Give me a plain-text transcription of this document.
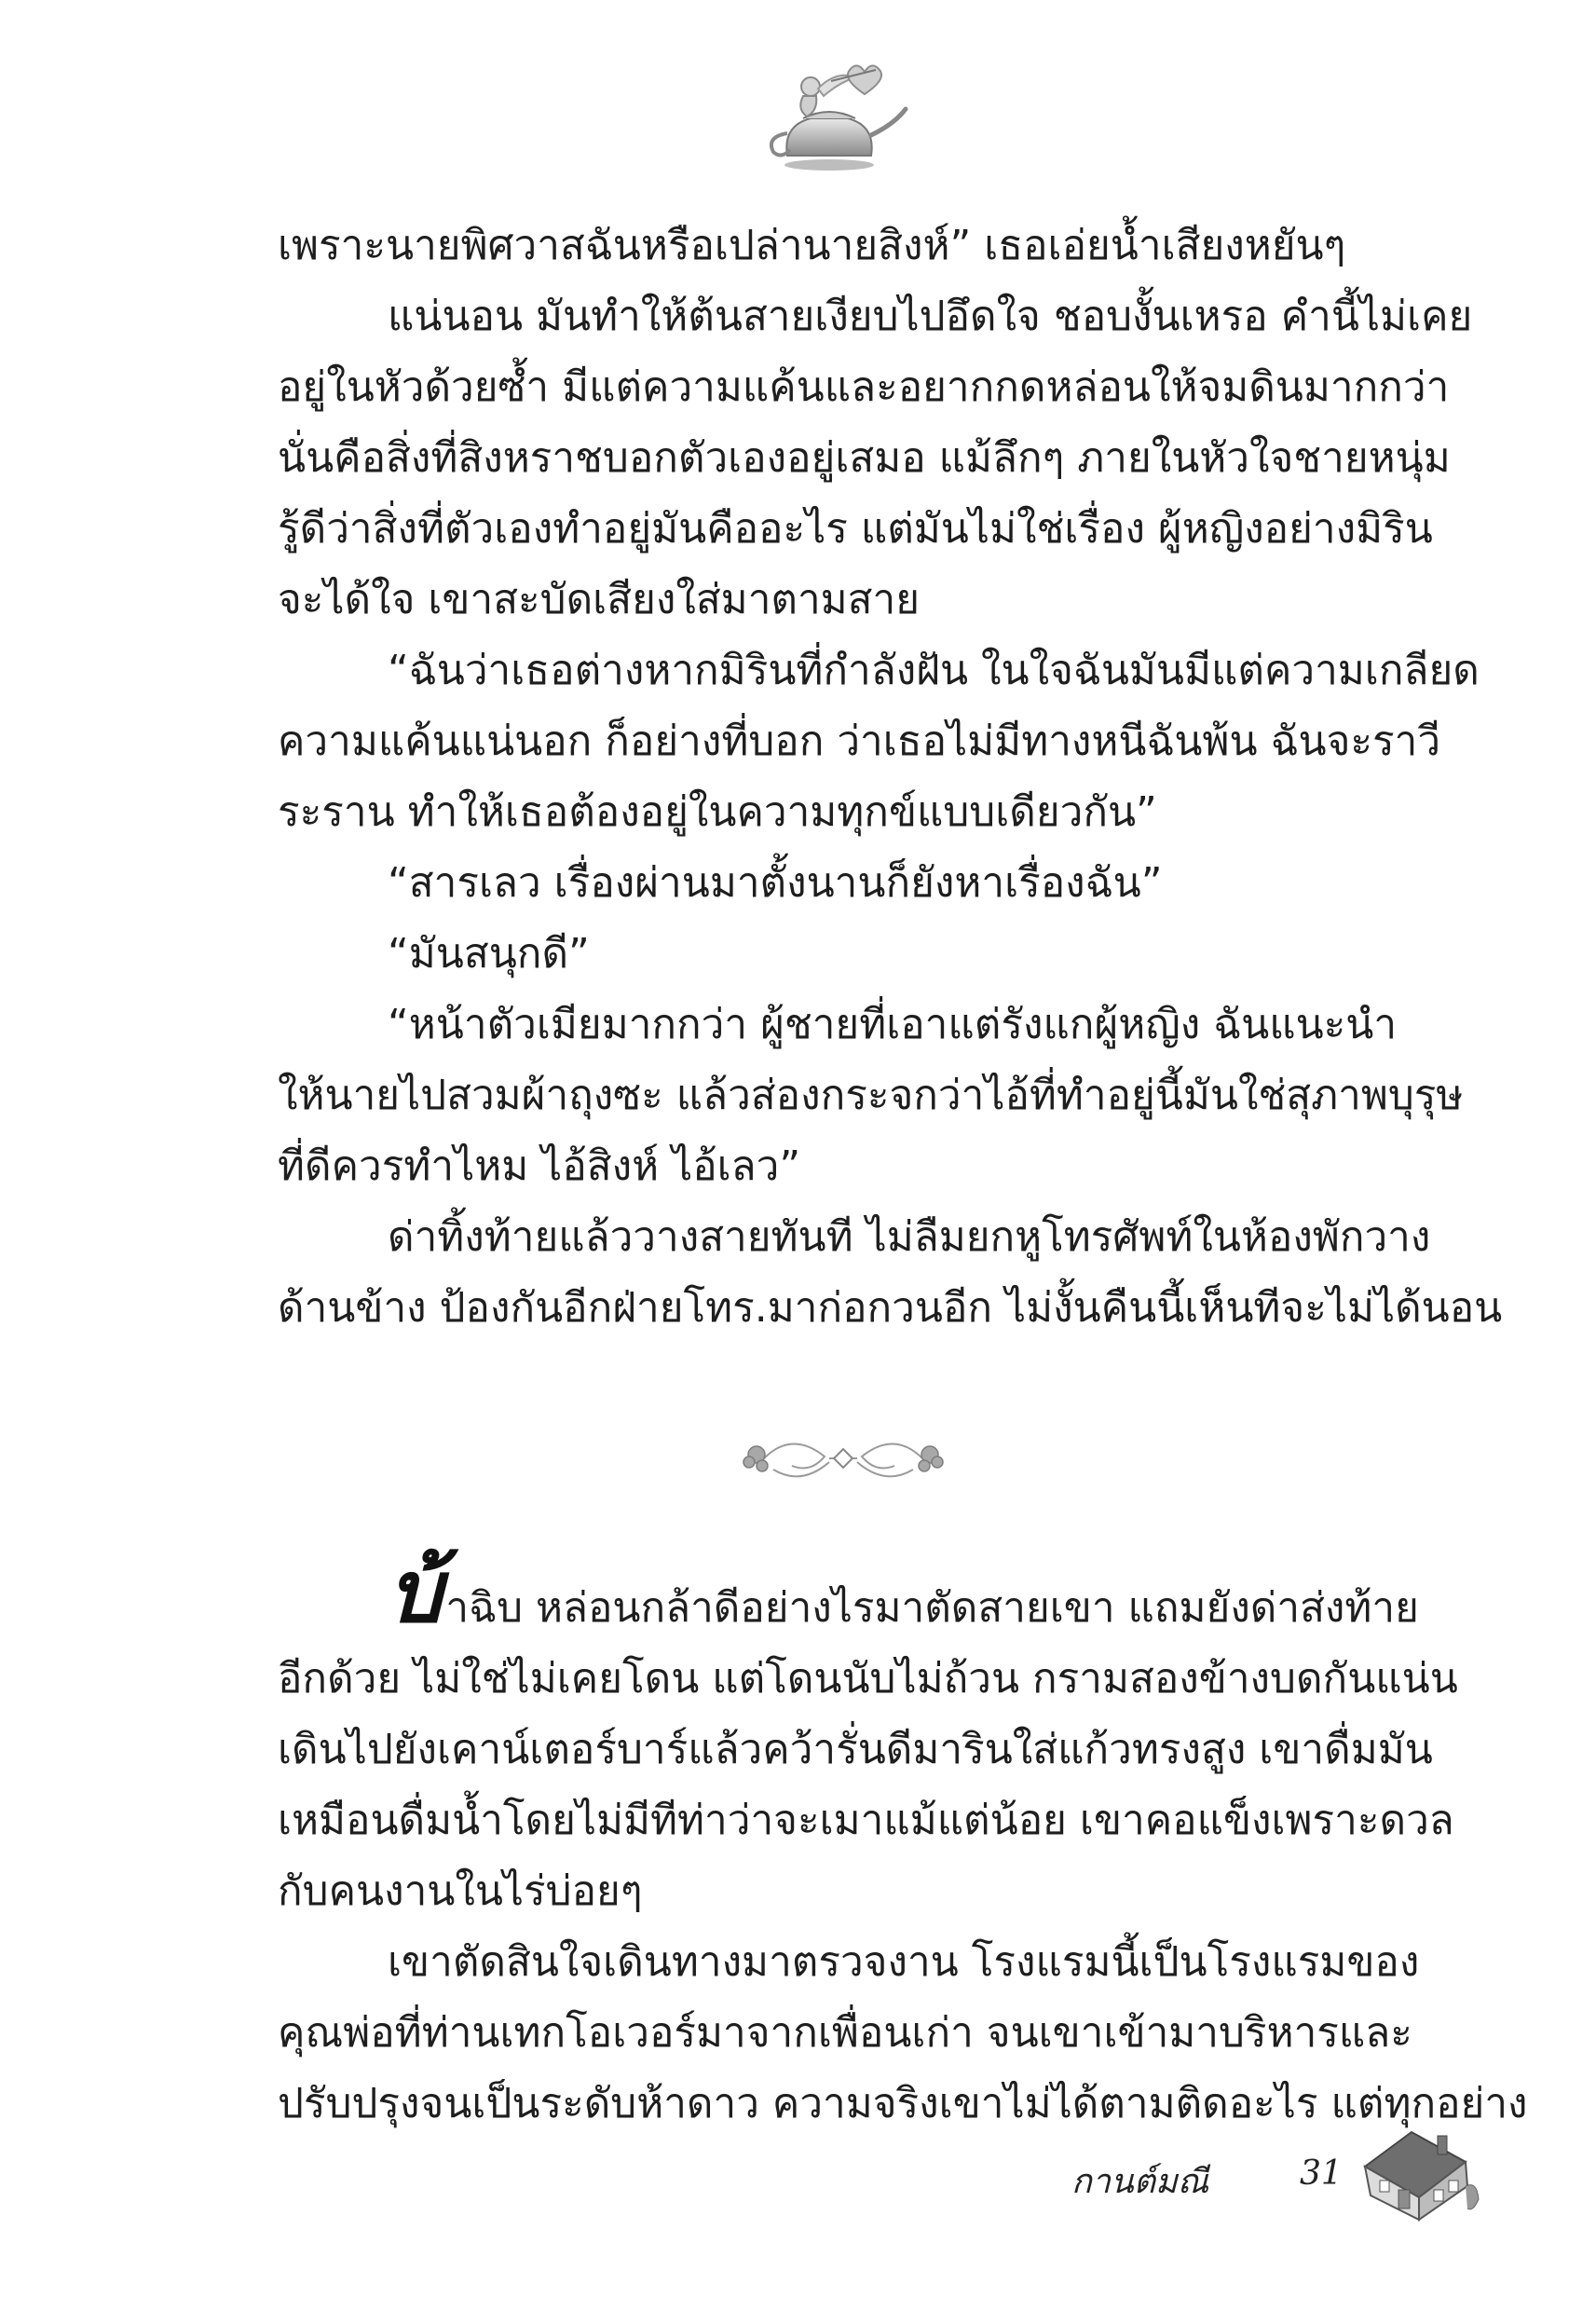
เพราะนายพิศวาสฉันหรือเปล่านายสิงห์” เธอเอ่ยน้ำเสียงหยันๆ

แน่นอน มันทำให้ต้นสายเงียบไปอึดใจ ชอบงั้นเหรอ คำนี้ไม่เคย

อยู่ในหัวด้วยซ้ำ มีแต่ความแค้นและอยากกดหล่อนให้จมดินมากกว่า

นั่นคือสิ่งที่สิงหราชบอกตัวเองอยู่เสมอ แม้ลึกๆ ภายในหัวใจชายหนุ่ม

รู้ดีว่าสิ่งที่ตัวเองทำอยู่มันคืออะไร แต่มันไม่ใช่เรื่อง ผู้หญิงอย่างมิริน

จะได้ใจ เขาสะบัดเสียงใส่มาตามสาย

“ฉันว่าเธอต่างหากมิรินที่กำลังฝัน ในใจฉันมันมีแต่ความเกลียด

ความแค้นแน่นอก ก็อย่างที่บอก ว่าเธอไม่มีทางหนีฉันพ้น ฉันจะราวี

ระราน ทำให้เธอต้องอยู่ในความทุกข์แบบเดียวกัน”

“สารเลว เรื่องผ่านมาตั้งนานก็ยังหาเรื่องฉัน”

“มันสนุกดี”

“หน้าตัวเมียมากกว่า ผู้ชายที่เอาแต่รังแกผู้หญิง ฉันแนะนำ

ให้นายไปสวมผ้าถุงซะ แล้วส่องกระจกว่าไอ้ที่ทำอยู่นี้มันใช่สุภาพบุรุษ

ที่ดีควรทำไหม ไอ้สิงห์ ไอ้เลว”

ด่าทิ้งท้ายแล้ววางสายทันที ไม่ลืมยกหูโทรศัพท์ในห้องพักวาง

ด้านข้าง ป้องกันอีกฝ่ายโทร.มาก่อกวนอีก ไม่งั้นคืนนี้เห็นทีจะไม่ได้นอน

บ้าฉิบ หล่อนกล้าดีอย่างไรมาตัดสายเขา แถมยังด่าส่งท้าย

อีกด้วย ไม่ใช่ไม่เคยโดน แต่โดนนับไม่ถ้วน กรามสองข้างบดกันแน่น

เดินไปยังเคาน์เตอร์บาร์แล้วคว้ารั่นดีมารินใส่แก้วทรงสูง เขาดื่มมัน

เหมือนดื่มน้ำโดยไม่มีทีท่าว่าจะเมาแม้แต่น้อย เขาคอแข็งเพราะดวล

กับคนงานในไร่บ่อยๆ

เขาตัดสินใจเดินทางมาตรวจงาน โรงแรมนี้เป็นโรงแรมของ

คุณพ่อที่ท่านเทกโอเวอร์มาจากเพื่อนเก่า จนเขาเข้ามาบริหารและ

ปรับปรุงจนเป็นระดับห้าดาว ความจริงเขาไม่ได้ตามติดอะไร แต่ทุกอย่าง

กานต์มณี	31
